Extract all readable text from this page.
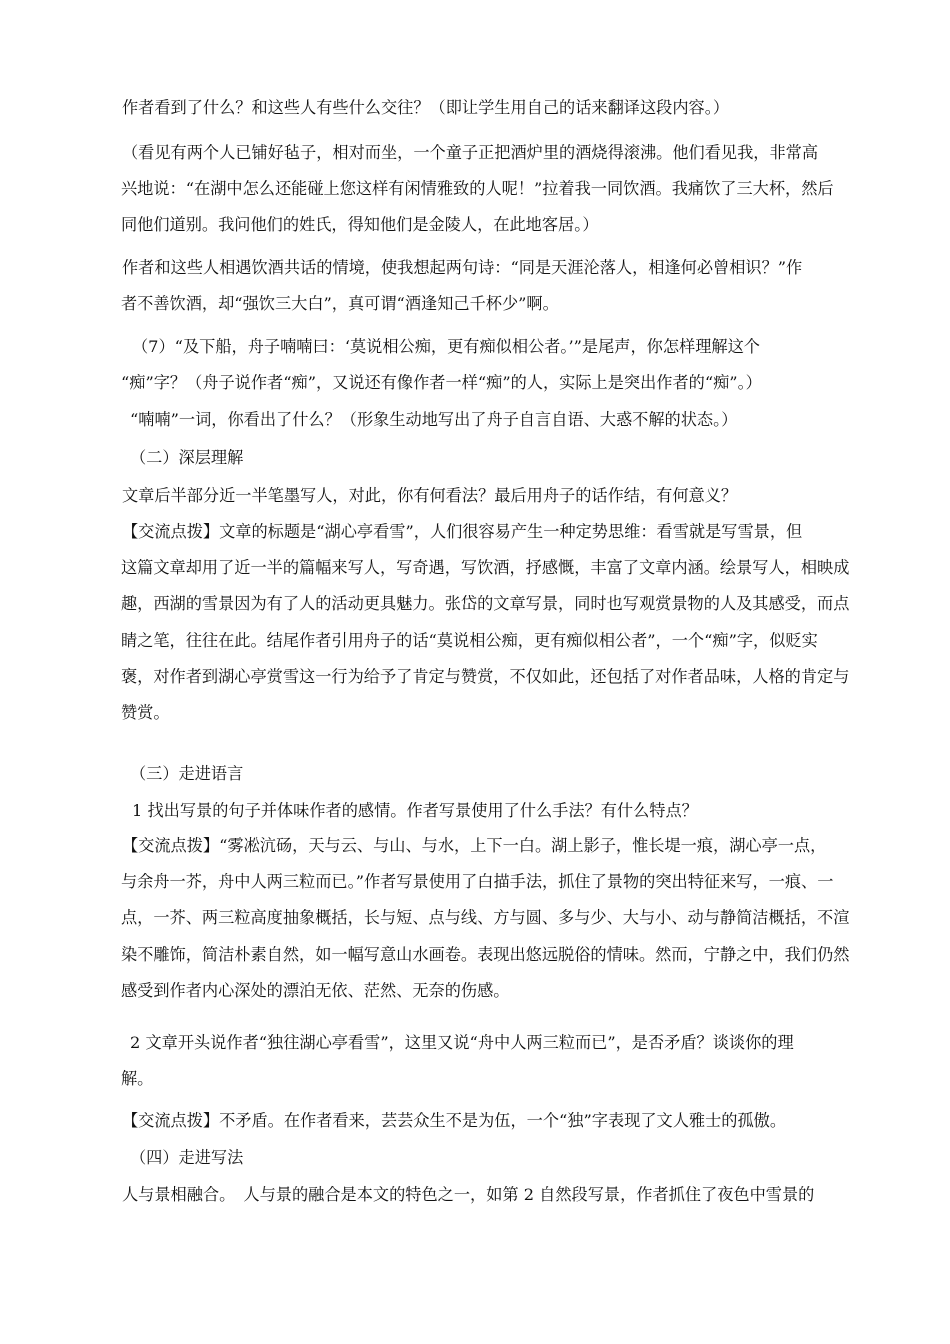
作者看到了什么？和这些人有些什么交往？（即让学生用自己的话来翻译这段内容。）
（看见有两个人已铺好毡子，相对而坐，一个童子正把酒炉里的酒烧得滚沸。他们看见我，非常高
兴地说：“在湖中怎么还能碰上您这样有闲情雅致的人呢！”拉着我一同饮酒。我痛饮了三大杯，然后
同他们道别。我问他们的姓氏，得知他们是金陵人，在此地客居。）
作者和这些人相遇饮酒共话的情境，使我想起两句诗：“同是天涯沦落人，相逢何必曾相识？”作
者不善饮酒，却“强饮三大白”，真可谓“酒逢知己千杯少”啊。
（7）“及下船，舟子喃喃曰：‘莫说相公痴，更有痴似相公者。’”是尾声，你怎样理解这个
“痴”字？（舟子说作者“痴”，又说还有像作者一样“痴”的人，实际上是突出作者的“痴”。）
“喃喃”一词，你看出了什么？（形象生动地写出了舟子自言自语、大惑不解的状态。）
（二）深层理解
文章后半部分近一半笔墨写人，对此，你有何看法？最后用舟子的话作结，有何意义？
【交流点拨】文章的标题是“湖心亭看雪”，人们很容易产生一种定势思维：看雪就是写雪景，但
这篇文章却用了近一半的篇幅来写人，写奇遇，写饮酒，抒感慨，丰富了文章内涵。绘景写人，相映成
趣，西湖的雪景因为有了人的活动更具魅力。张岱的文章写景，同时也写观赏景物的人及其感受，而点
睛之笔，往往在此。结尾作者引用舟子的话“莫说相公痴，更有痴似相公者”，一个“痴”字，似贬实
褒，对作者到湖心亭赏雪这一行为给予了肯定与赞赏，不仅如此，还包括了对作者品味，人格的肯定与
赞赏。
（三）走进语言
1 找出写景的句子并体味作者的感情。作者写景使用了什么手法？有什么特点？
【交流点拨】“雾凇沆砀，天与云、与山、与水，上下一白。湖上影子，惟长堤一痕，湖心亭一点，
与余舟一芥，舟中人两三粒而已。”作者写景使用了白描手法，抓住了景物的突出特征来写，一痕、一
点，一芥、两三粒高度抽象概括，长与短、点与线、方与圆、多与少、大与小、动与静简洁概括，不渲
染不雕饰，简洁朴素自然，如一幅写意山水画卷。表现出悠远脱俗的情味。然而，宁静之中，我们仍然
感受到作者内心深处的漂泊无依、茫然、无奈的伤感。
2 文章开头说作者“独往湖心亭看雪”，这里又说“舟中人两三粒而已”，是否矛盾？谈谈你的理
解。
【交流点拨】不矛盾。在作者看来，芸芸众生不是为伍，一个“独”字表现了文人雅士的孤傲。
（四）走进写法
人与景相融合。　人与景的融合是本文的特色之一，如第 2 自然段写景，作者抓住了夜色中雪景的
